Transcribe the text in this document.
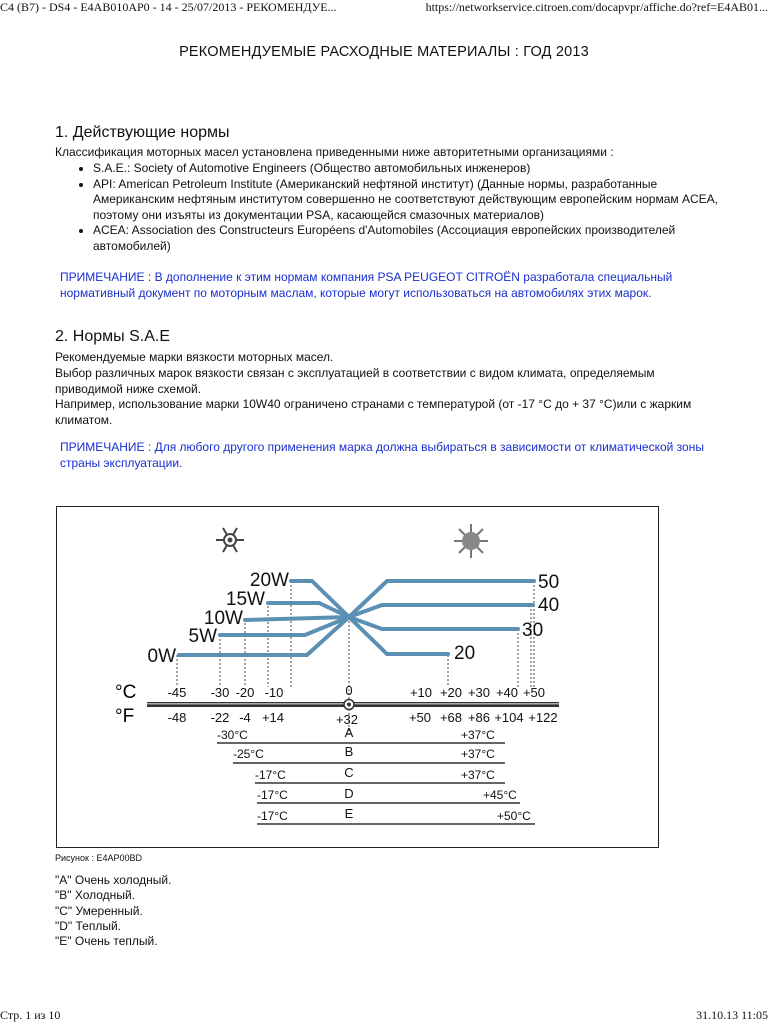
C4 (B7) - DS4 - E4AB010AP0 - 14 - 25/07/2013 - РЕКОМЕНДУЕ...	https://networkservice.citroen.com/docapvpr/affiche.do?ref=E4AB01...
РЕКОМЕНДУЕМЫЕ РАСХОДНЫЕ МАТЕРИАЛЫ : ГОД 2013
1. Действующие нормы
Классификация моторных масел установлена приведенными ниже авторитетными организациями :
• S.A.E.: Society of Automotive Engineers (Общество автомобильных инженеров)
• API: American Petroleum Institute (Американский нефтяной институт) (Данные нормы, разработанные Американским нефтяным институтом совершенно не соответствуют действующим европейским нормам ACEA, поэтому они изъяты из документации PSA, касающейся смазочных материалов)
• ACEA: Association des Constructeurs Européens d'Automobiles (Ассоциация европейских производителей автомобилей)
ПРИМЕЧАНИЕ : В дополнение к этим нормам компания PSA PEUGEOT CITROËN разработала специальный нормативный документ по моторным маслам, которые могут использоваться на автомобилях этих марок.
2. Нормы S.A.E
Рекомендуемые марки вязкости моторных масел.
Выбор различных марок вязкости связан с эксплуатацией в соответствии с видом климата, определяемым приводимой ниже схемой.
Например, использование марки 10W40 ограничено странами с температурой (от -17 °C до + 37 °C)или с жарким климатом.
ПРИМЕЧАНИЕ : Для любого другого применения марка должна выбираться в зависимости от климатической зоны страны эксплуатации.
20W
15W
10W
5W
0W
50
40
30
20
°C
°F
-45 -30 -20 -10	0	+10 +20 +30 +40 +50
-48 -22 -4 +14	+32	+50 +68 +86 +104 +122
-30°C	A	+37°C
-25°C	B	+37°C
-17°C	C	+37°C
-17°C	D	+45°C
-17°C	E	+50°C
Рисунок : E4AP00BD
"A" Очень холодный.
"B" Холодный.
"C" Умеренный.
"D" Теплый.
"E" Очень теплый.
Стр. 1 из 10	31.10.13 11:05
